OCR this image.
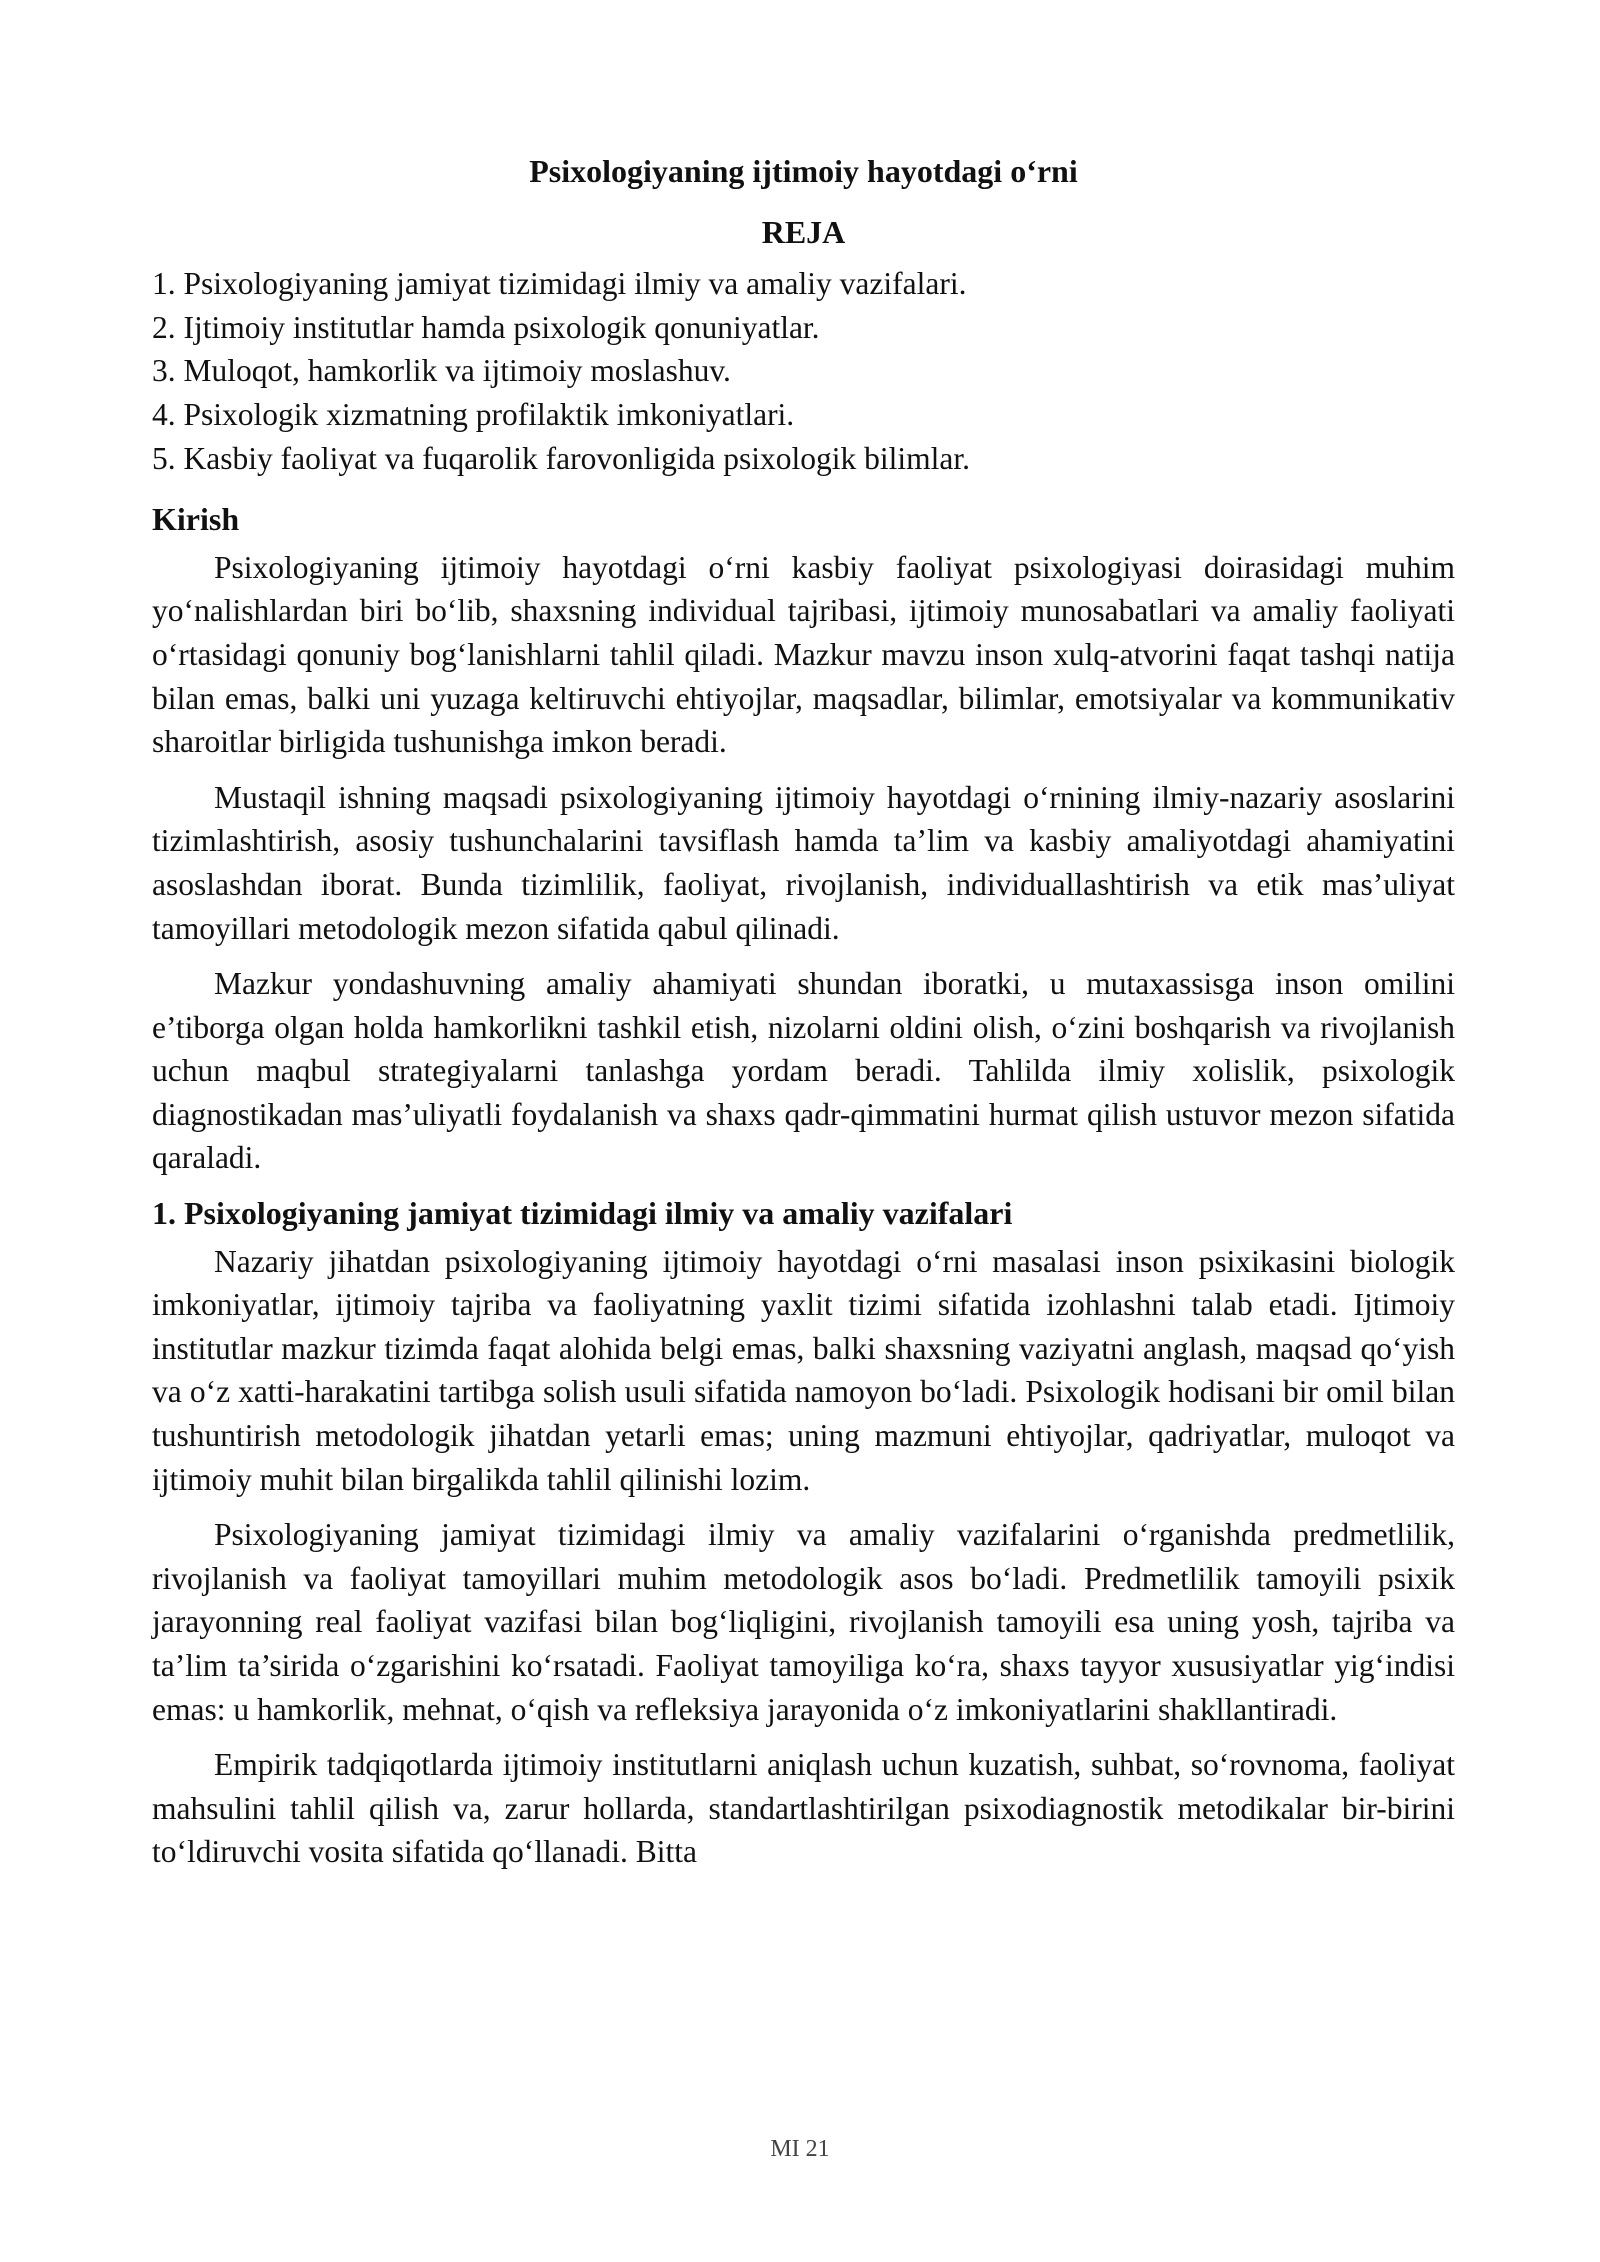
Psixologiyaning ijtimoiy hayotdagi o‘rni
REJA
1. Psixologiyaning jamiyat tizimidagi ilmiy va amaliy vazifalari.
2. Ijtimoiy institutlar hamda psixologik qonuniyatlar.
3. Muloqot, hamkorlik va ijtimoiy moslashuv.
4. Psixologik xizmatning profilaktik imkoniyatlari.
5. Kasbiy faoliyat va fuqarolik farovonligida psixologik bilimlar.
Kirish

Psixologiyaning ijtimoiy hayotdagi o‘rni kasbiy faoliyat psixologiyasi doirasidagi muhim yo‘nalishlardan biri bo‘lib, shaxsning individual tajribasi, ijtimoiy munosabatlari va amaliy faoliyati o‘rtasidagi qonuniy bog‘lanishlarni tahlil qiladi. Mazkur mavzu inson xulq-atvorini faqat tashqi natija bilan emas, balki uni yuzaga keltiruvchi ehtiyojlar, maqsadlar, bilimlar, emotsiyalar va kommunikativ sharoitlar birligida tushunishga imkon beradi.

Mustaqil ishning maqsadi psixologiyaning ijtimoiy hayotdagi o‘rnining ilmiy-nazariy asoslarini tizimlashtirish, asosiy tushunchalarini tavsiflash hamda ta’lim va kasbiy amaliyotdagi ahamiyatini asoslashdan iborat. Bunda tizimlilik, faoliyat, rivojlanish, individuallashtirish va etik mas’uliyat tamoyillari metodologik mezon sifatida qabul qilinadi.

Mazkur yondashuvning amaliy ahamiyati shundan iboratki, u mutaxassisga inson omilini e’tiborga olgan holda hamkorlikni tashkil etish, nizolarni oldini olish, o‘zini boshqarish va rivojlanish uchun maqbul strategiyalarni tanlashga yordam beradi. Tahlilda ilmiy xolislik, psixologik diagnostikadan mas’uliyatli foydalanish va shaxs qadr-qimmatini hurmat qilish ustuvor mezon sifatida qaraladi.

1. Psixologiyaning jamiyat tizimidagi ilmiy va amaliy vazifalari

Nazariy jihatdan psixologiyaning ijtimoiy hayotdagi o‘rni masalasi inson psixikasini biologik imkoniyatlar, ijtimoiy tajriba va faoliyatning yaxlit tizimi sifatida izohlashni talab etadi. Ijtimoiy institutlar mazkur tizimda faqat alohida belgi emas, balki shaxsning vaziyatni anglash, maqsad qo‘yish va o‘z xatti-harakatini tartibga solish usuli sifatida namoyon bo‘ladi. Psixologik hodisani bir omil bilan tushuntirish metodologik jihatdan yetarli emas; uning mazmuni ehtiyojlar, qadriyatlar, muloqot va ijtimoiy muhit bilan birgalikda tahlil qilinishi lozim.

Psixologiyaning jamiyat tizimidagi ilmiy va amaliy vazifalarini o‘rganishda predmetlilik, rivojlanish va faoliyat tamoyillari muhim metodologik asos bo‘ladi. Predmetlilik tamoyili psixik jarayonning real faoliyat vazifasi bilan bog‘liqligini, rivojlanish tamoyili esa uning yosh, tajriba va ta’lim ta’sirida o‘zgarishini ko‘rsatadi. Faoliyat tamoyiliga ko‘ra, shaxs tayyor xususiyatlar yig‘indisi emas: u hamkorlik, mehnat, o‘qish va refleksiya jarayonida o‘z imkoniyatlarini shakllantiradi.

Empirik tadqiqotlarda ijtimoiy institutlarni aniqlash uchun kuzatish, suhbat, so‘rovnoma, faoliyat mahsulini tahlil qilish va, zarur hollarda, standartlashtirilgan psixodiagnostik metodikalar bir-birini to‘ldiruvchi vosita sifatida qo‘llanadi. Bitta

MI 21
